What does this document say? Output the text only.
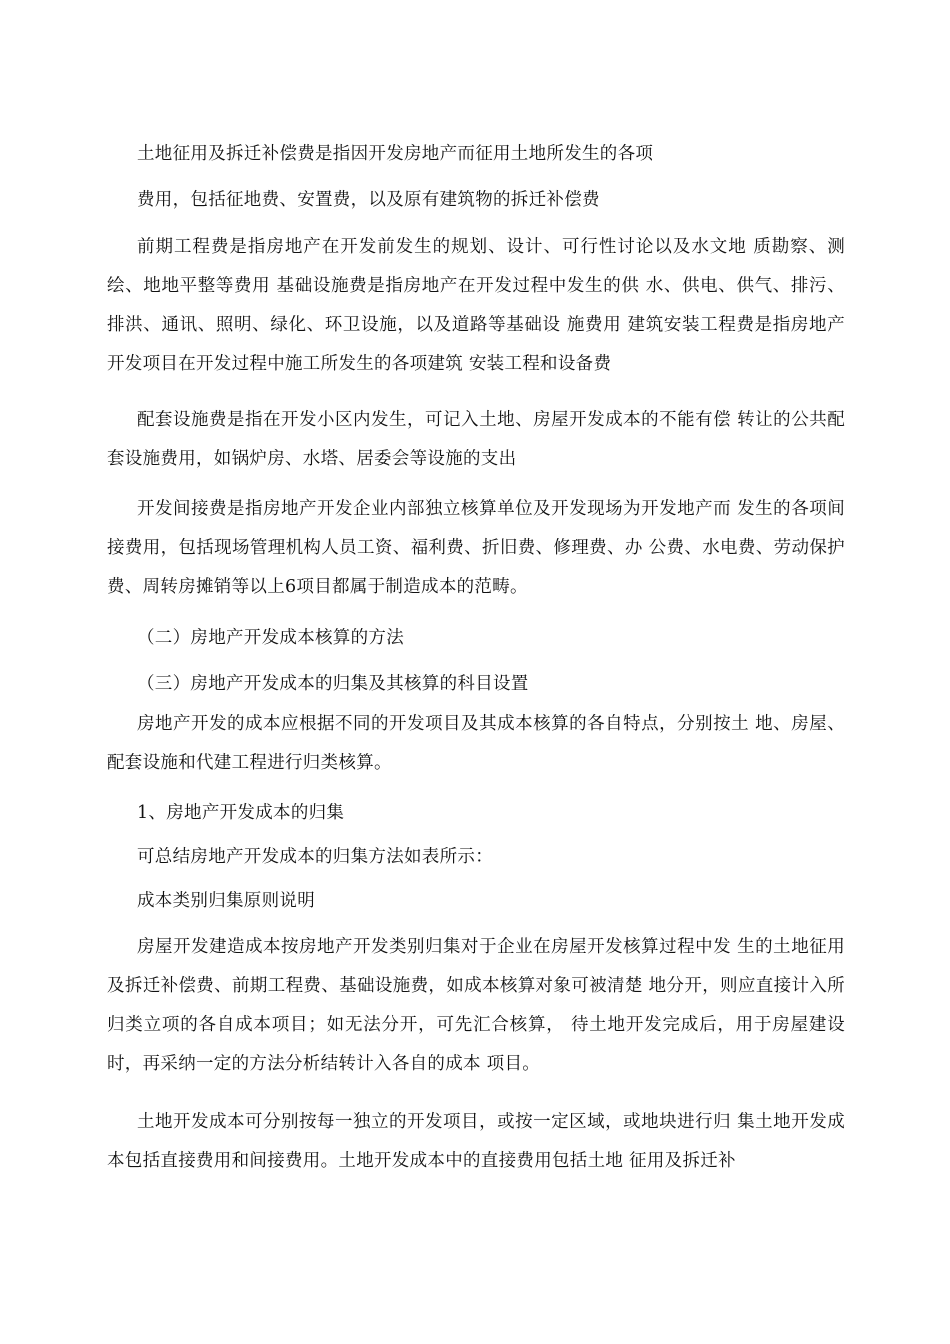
土地征用及拆迁补偿费是指因开发房地产而征用土地所发生的各项

费用，包括征地费、安置费，以及原有建筑物的拆迁补偿费

前期工程费是指房地产在开发前发生的规划、设计、可行性讨论以及水文地 质勘察、测绘、地地平整等费用 基础设施费是指房地产在开发过程中发生的供 水、供电、供气、排污、排洪、通讯、照明、绿化、环卫设施，以及道路等基础设 施费用 建筑安装工程费是指房地产开发项目在开发过程中施工所发生的各项建筑 安装工程和设备费

配套设施费是指在开发小区内发生，可记入土地、房屋开发成本的不能有偿 转让的公共配套设施费用，如锅炉房、水塔、居委会等设施的支出

开发间接费是指房地产开发企业内部独立核算单位及开发现场为开发地产而 发生的各项间接费用，包括现场管理机构人员工资、福利费、折旧费、修理费、办 公费、水电费、劳动保护费、周转房摊销等以上6项目都属于制造成本的范畴。

（二）房地产开发成本核算的方法

（三）房地产开发成本的归集及其核算的科目设置

房地产开发的成本应根据不同的开发项目及其成本核算的各自特点，分别按土 地、房屋、配套设施和代建工程进行归类核算。

1、房地产开发成本的归集

可总结房地产开发成本的归集方法如表所示：

成本类别归集原则说明

房屋开发建造成本按房地产开发类别归集对于企业在房屋开发核算过程中发 生的土地征用及拆迁补偿费、前期工程费、基础设施费，如成本核算对象可被清楚 地分开，则应直接计入所归类立项的各自成本项目；如无法分开，可先汇合核算， 待土地开发完成后，用于房屋建设时，再采纳一定的方法分析结转计入各自的成本 项目。

土地开发成本可分别按每一独立的开发项目，或按一定区域，或地块进行归 集土地开发成本包括直接费用和间接费用。土地开发成本中的直接费用包括土地 征用及拆迁补
